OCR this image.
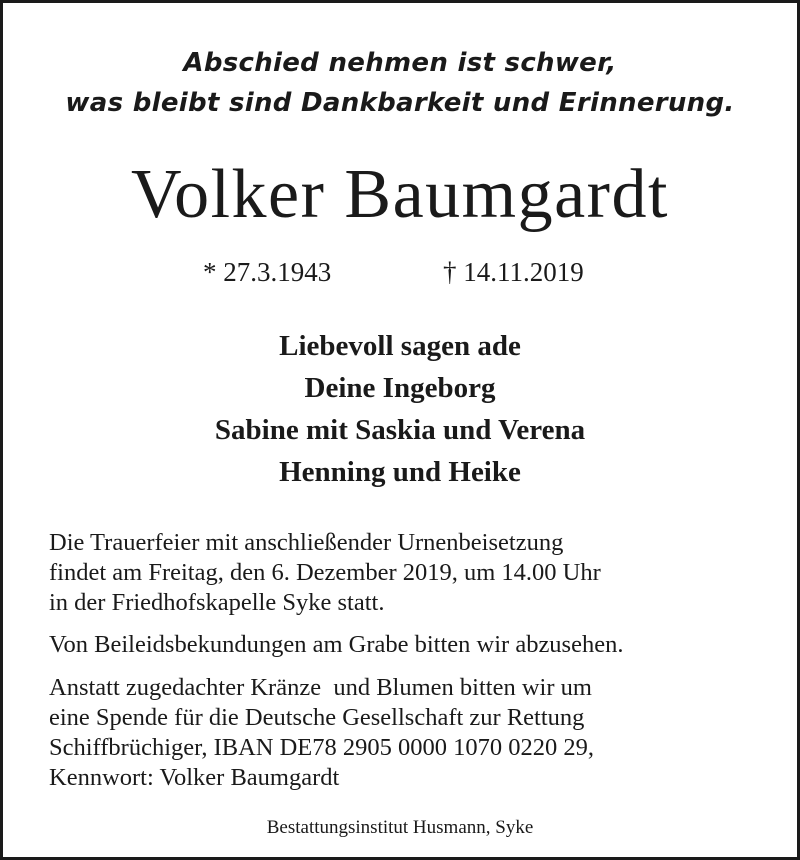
Abschied nehmen ist schwer,
was bleibt sind Dankbarkeit und Erinnerung.
Volker Baumgardt
* 27.3.1943	† 14.11.2019
Liebevoll sagen ade
Deine Ingeborg
Sabine mit Saskia und Verena
Henning und Heike
Die Trauerfeier mit anschließender Urnenbeisetzung
findet am Freitag, den 6. Dezember 2019, um 14.00 Uhr
in der Friedhofskapelle Syke statt.
Von Beileidsbekundungen am Grabe bitten wir abzusehen.
Anstatt zugedachter Kränze  und Blumen bitten wir um
eine Spende für die Deutsche Gesellschaft zur Rettung
Schiffbrüchiger, IBAN DE78 2905 0000 1070 0220 29,
Kennwort: Volker Baumgardt
Bestattungsinstitut Husmann, Syke
